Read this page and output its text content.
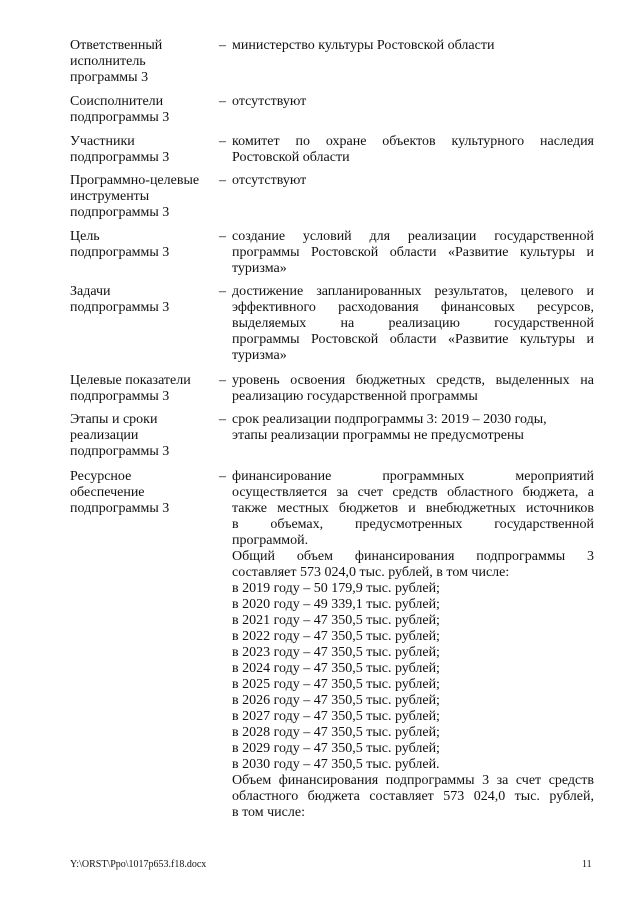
Ответственный
исполнитель
программы 3
– министерство культуры Ростовской области
Соисполнители
подпрограммы 3
– отсутствуют
Участники
подпрограммы 3
– комитет по охране объектов культурного наследия
Ростовской области
Программно-целевые
инструменты
подпрограммы 3
– отсутствуют
Цель
подпрограммы 3
– создание условий для реализации государственной
программы Ростовской области «Развитие культуры и
туризма»
Задачи
подпрограммы 3
– достижение запланированных результатов, целевого и
эффективного расходования финансовых ресурсов,
выделяемых на реализацию государственной
программы Ростовской области «Развитие культуры и
туризма»
Целевые показатели
подпрограммы 3
– уровень освоения бюджетных средств, выделенных на
реализацию государственной программы
Этапы и сроки
реализации
подпрограммы 3
– срок реализации подпрограммы 3: 2019 – 2030 годы,
этапы реализации программы не предусмотрены
Ресурсное
обеспечение
подпрограммы 3
– финансирование программных мероприятий
осуществляется за счет средств областного бюджета, а
также местных бюджетов и внебюджетных источников
в объемах, предусмотренных государственной
программой.
Общий объем финансирования подпрограммы 3
составляет 573 024,0 тыс. рублей, в том числе:
в 2019 году – 50 179,9 тыс. рублей;
в 2020 году – 49 339,1 тыс. рублей;
в 2021 году – 47 350,5 тыс. рублей;
в 2022 году – 47 350,5 тыс. рублей;
в 2023 году – 47 350,5 тыс. рублей;
в 2024 году – 47 350,5 тыс. рублей;
в 2025 году – 47 350,5 тыс. рублей;
в 2026 году – 47 350,5 тыс. рублей;
в 2027 году – 47 350,5 тыс. рублей;
в 2028 году – 47 350,5 тыс. рублей;
в 2029 году – 47 350,5 тыс. рублей;
в 2030 году – 47 350,5 тыс. рублей.
Объем финансирования подпрограммы 3 за счет средств
областного бюджета составляет 573 024,0 тыс. рублей,
в том числе:
Y:\ORST\Ppo\1017p653.f18.docx	11
